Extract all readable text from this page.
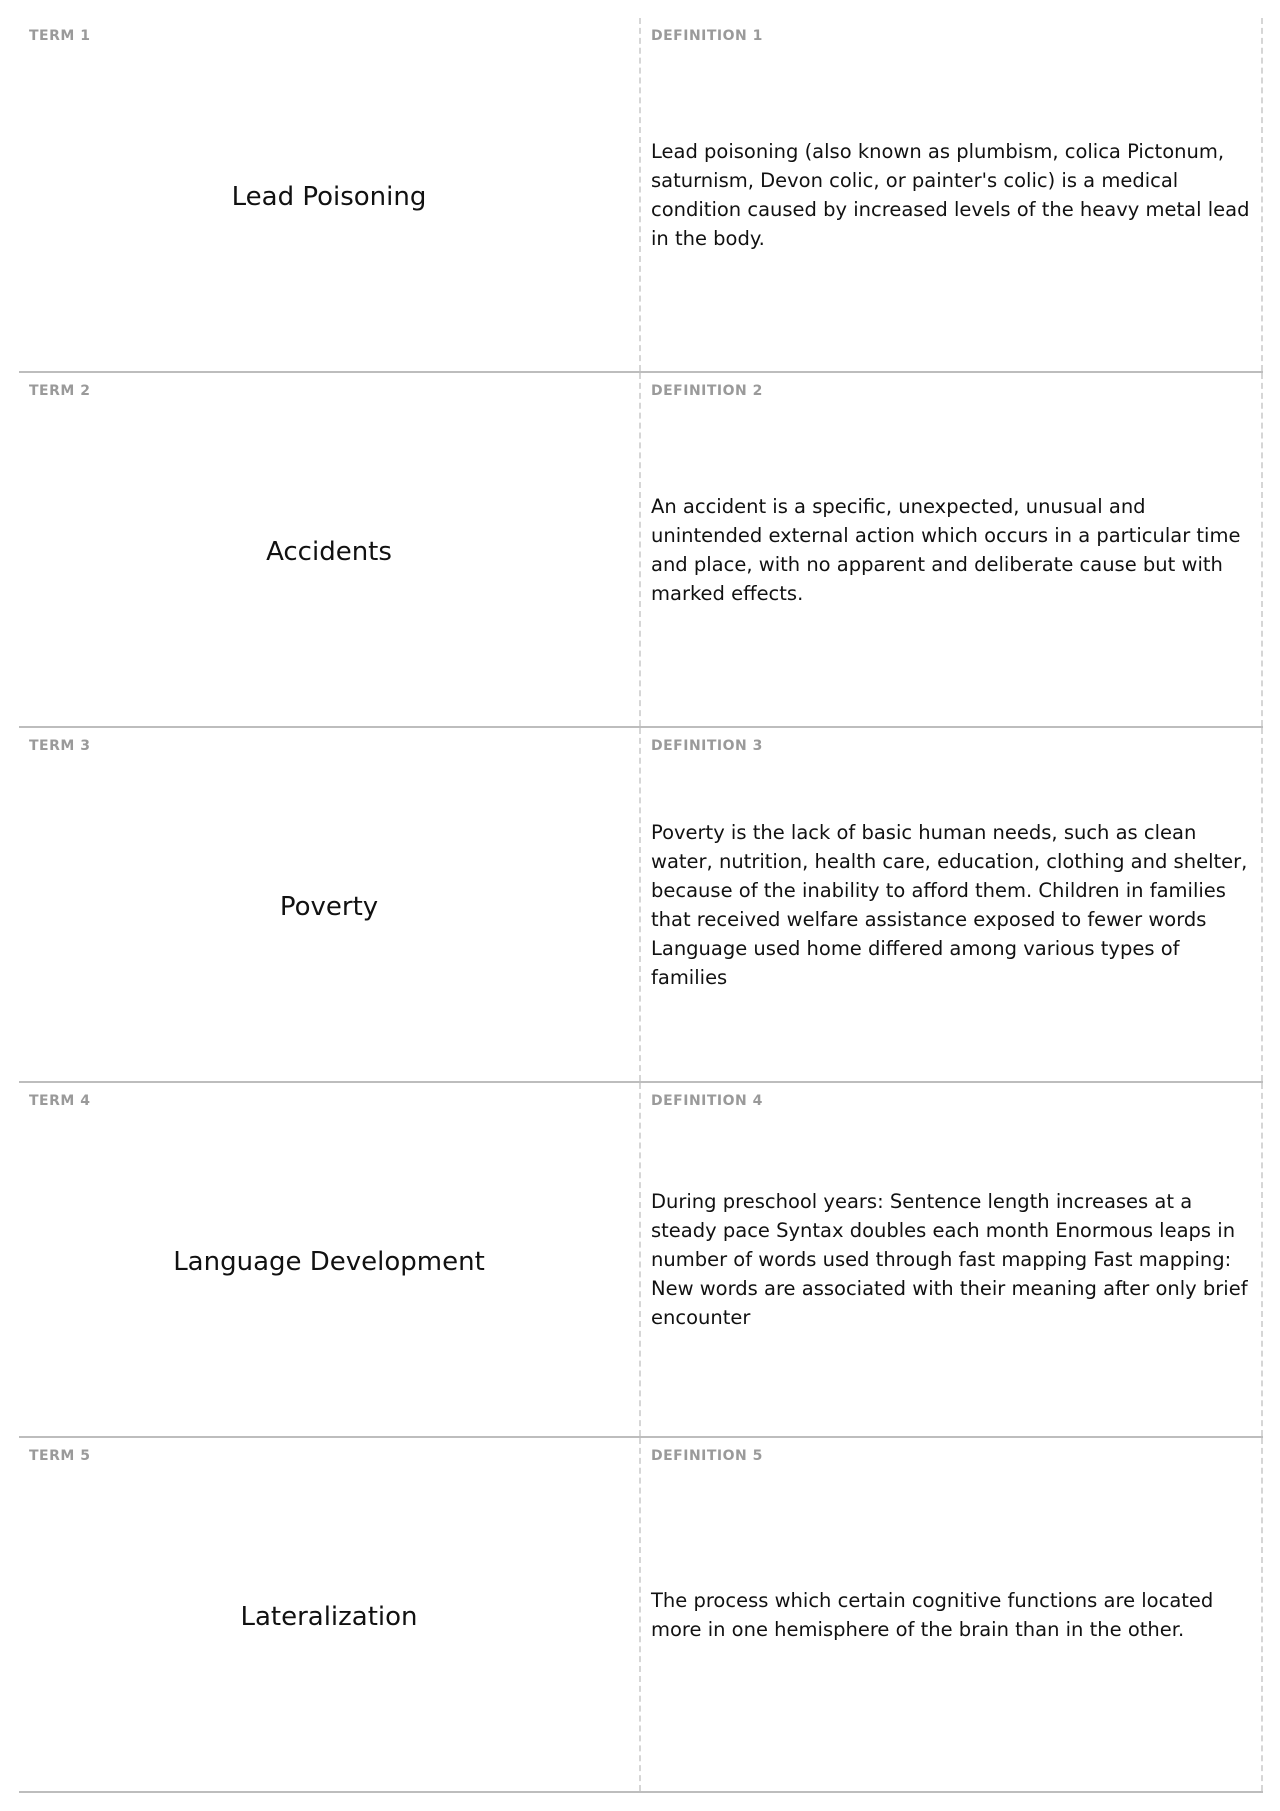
TERM 1
Lead Poisoning
DEFINITION 1
Lead poisoning (also known as plumbism, colica Pictonum, saturnism, Devon colic, or painter's colic) is a medical condition caused by increased levels of the heavy metal lead in the body.
TERM 2
Accidents
DEFINITION 2
An accident is a specific, unexpected, unusual and unintended external action which occurs in a particular time and place, with no apparent and deliberate cause but with marked effects.
TERM 3
Poverty
DEFINITION 3
Poverty is the lack of basic human needs, such as clean water, nutrition, health care, education, clothing and shelter, because of the inability to afford them. Children in families that received welfare assistance exposed to fewer words Language used home differed among various types of families
TERM 4
Language Development
DEFINITION 4
During preschool years: Sentence length increases at a steady pace Syntax doubles each month Enormous leaps in number of words used through fast mapping Fast mapping: New words are associated with their meaning after only brief encounter
TERM 5
Lateralization
DEFINITION 5
The process which certain cognitive functions are located more in one hemisphere of the brain than in the other.
